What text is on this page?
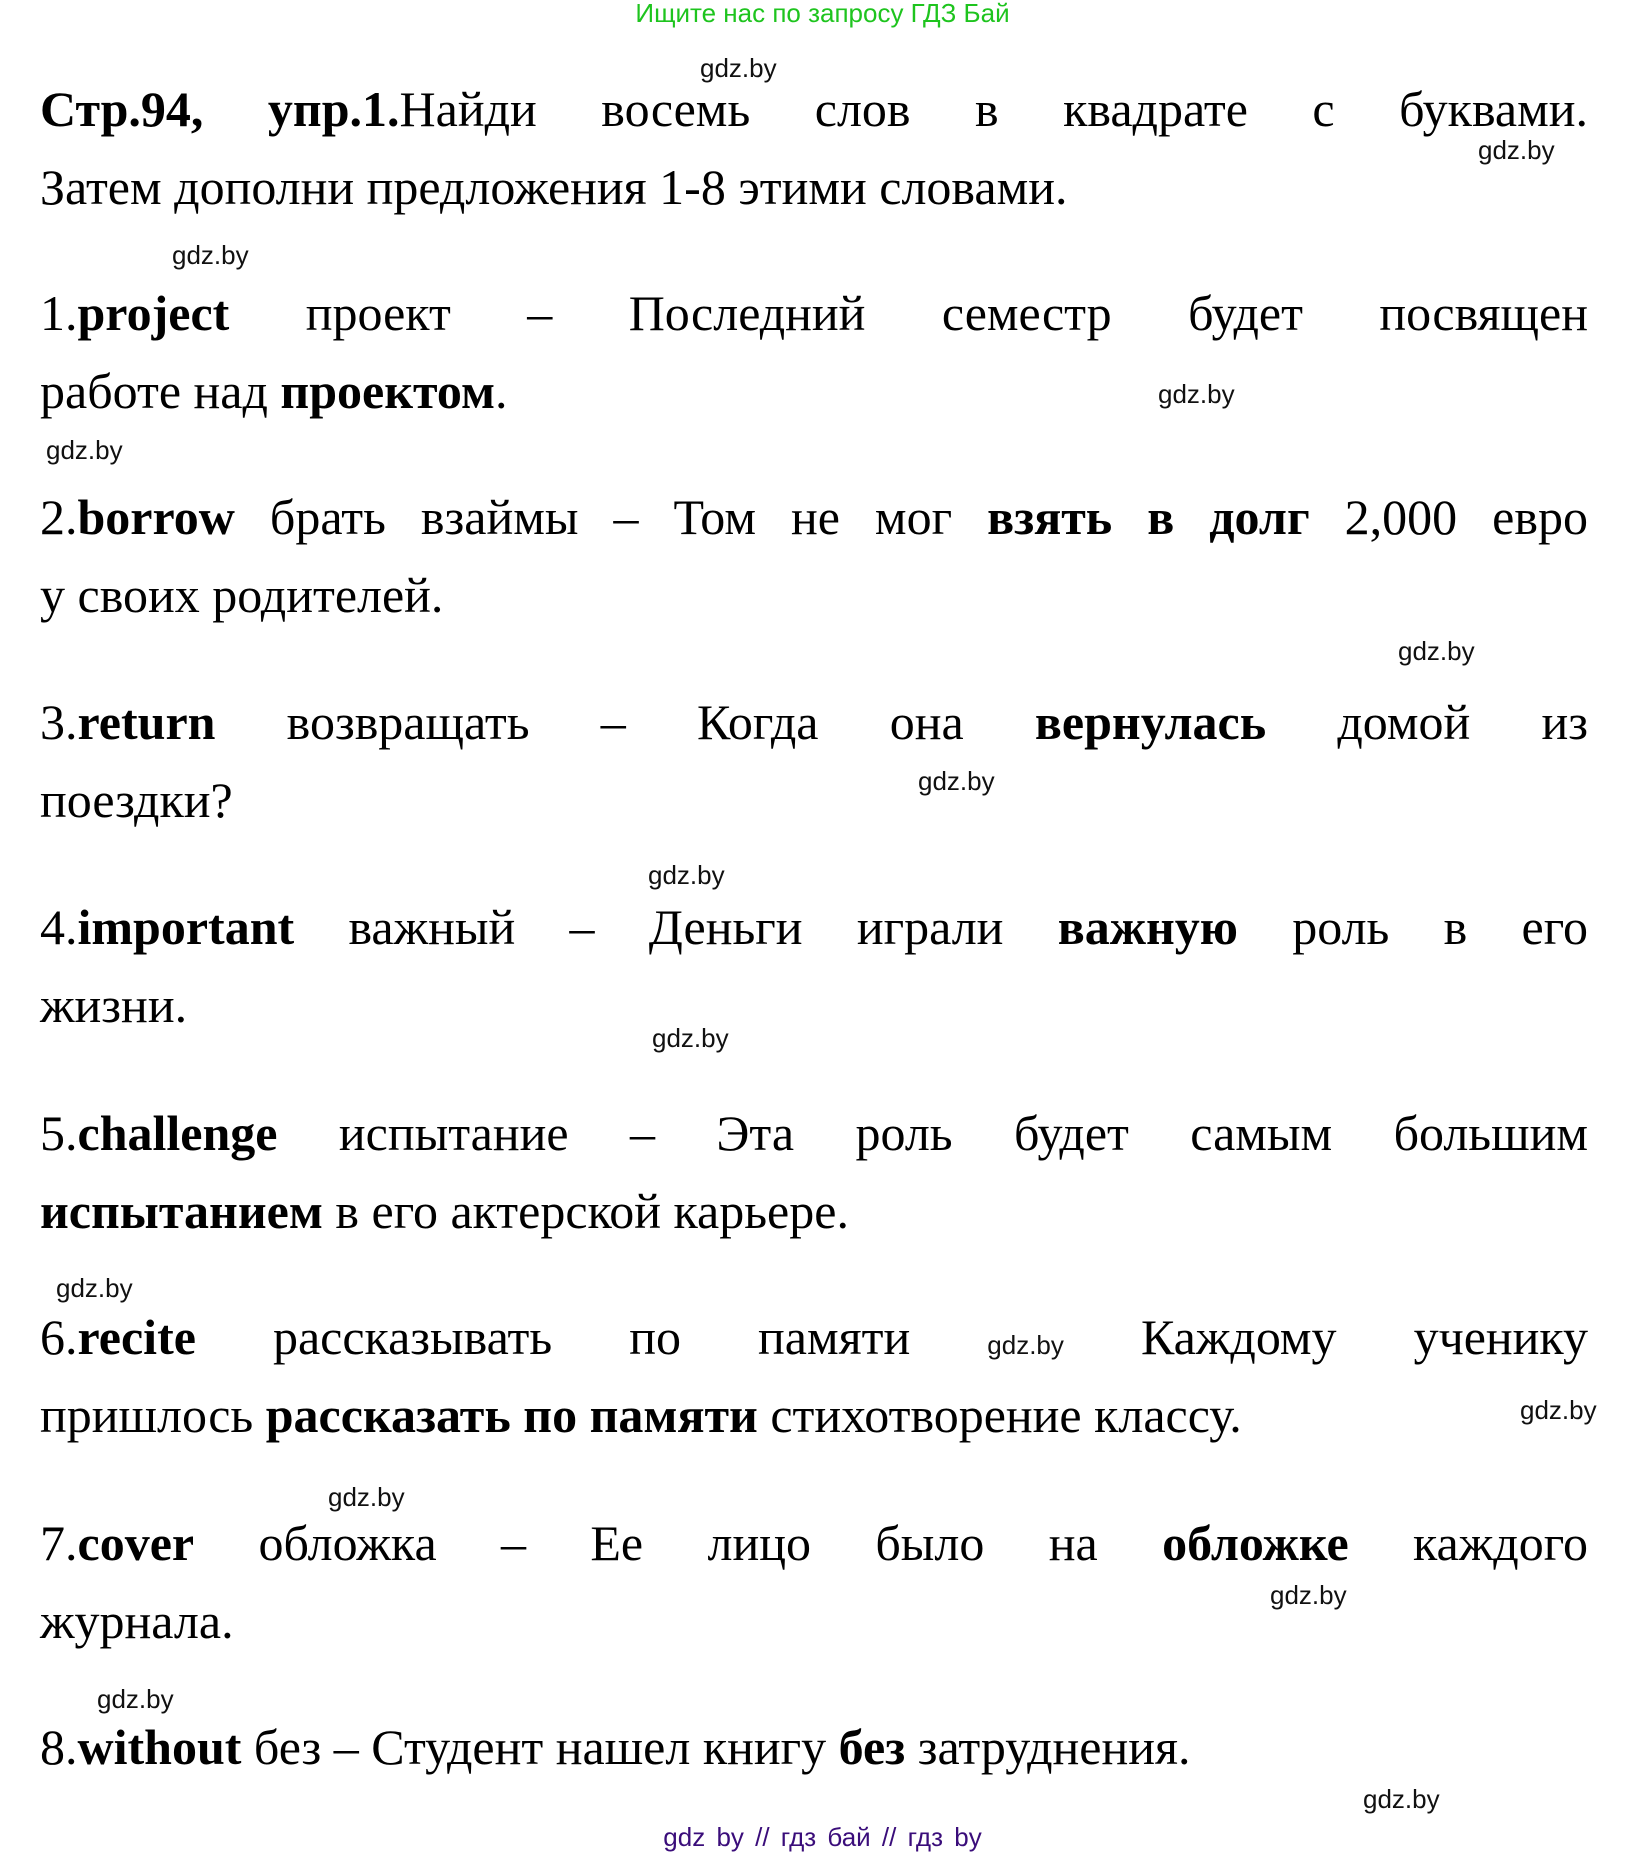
Ищите нас по запросу ГДЗ Бай
gdz.by
gdz.by
gdz.by
gdz.by
gdz.by
gdz.by
gdz.by
gdz.by
gdz.by
gdz.by
gdz.by
gdz.by
gdz.by
gdz.by
gdz.by
Стр.94, упр.1.Найди восемь слов в квадрате с буквами.
Затем дополни предложения 1-8 этими словами.
1.project проект – Последний семестр будет посвящен
работе над проектом.
2.borrow брать взаймы – Том не мог взять в долг 2,000 евро
у своих родителей.
3.return возвращать – Когда она вернулась домой из
поездки?
4.important важный – Деньги играли важную роль в его
жизни.
5.challenge испытание – Эта роль будет самым большим
испытанием в его актерской карьере.
6.recite рассказывать по памяти	gdz.by Каждому ученику
пришлось рассказать по памяти стихотворение классу.
7.cover обложка – Ее лицо было на обложке каждого
журнала.
8.without без – Студент нашел книгу без затруднения.
gdz by // гдз бай // гдз by
